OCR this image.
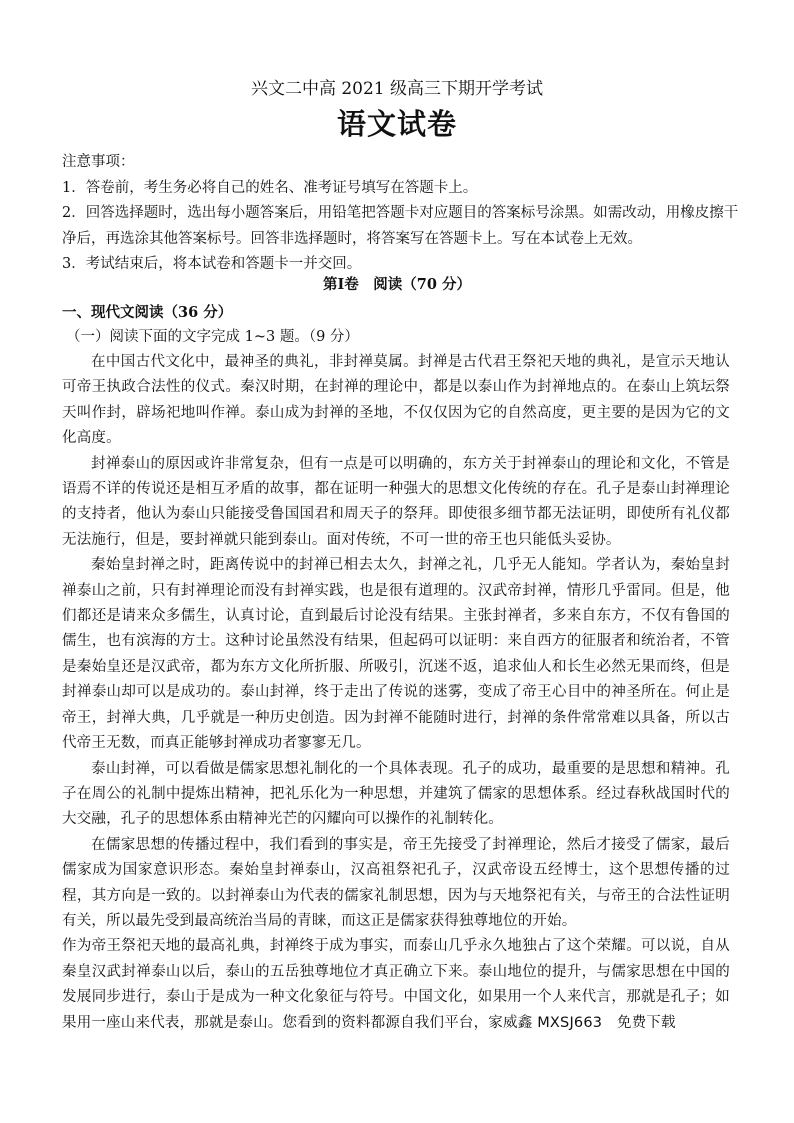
兴文二中高 2021 级高三下期开学考试
语文试卷
注意事项：
1．答卷前，考生务必将自己的姓名、准考证号填写在答题卡上。
2．回答选择题时，选出每小题答案后，用铅笔把答题卡对应题目的答案标号涂黑。如需改动，用橡皮擦干净后，再选涂其他答案标号。回答非选择题时，将答案写在答题卡上。写在本试卷上无效。
3．考试结束后，将本试卷和答题卡一并交回。
第Ⅰ卷　阅读（70 分）
一、现代文阅读（36 分）
（一）阅读下面的文字完成 1~3 题。（9 分）

在中国古代文化中，最神圣的典礼，非封禅莫属。封禅是古代君王祭祀天地的典礼，是宣示天地认可帝王执政合法性的仪式。秦汉时期，在封禅的理论中，都是以泰山作为封禅地点的。在泰山上筑坛祭天叫作封，辟场祀地叫作禅。泰山成为封禅的圣地，不仅仅因为它的自然高度，更主要的是因为它的文化高度。

封禅泰山的原因或许非常复杂，但有一点是可以明确的，东方关于封禅泰山的理论和文化，不管是语焉不详的传说还是相互矛盾的故事，都在证明一种强大的思想文化传统的存在。孔子是泰山封禅理论的支持者，他认为泰山只能接受鲁国国君和周天子的祭拜。即使很多细节都无法证明，即使所有礼仪都无法施行，但是，要封禅就只能到泰山。面对传统，不可一世的帝王也只能低头妥协。

秦始皇封禅之时，距离传说中的封禅已相去太久，封禅之礼，几乎无人能知。学者认为，秦始皇封禅泰山之前，只有封禅理论而没有封禅实践，也是很有道理的。汉武帝封禅，情形几乎雷同。但是，他们都还是请来众多儒生，认真讨论，直到最后讨论没有结果。主张封禅者，多来自东方，不仅有鲁国的儒生，也有滨海的方士。这种讨论虽然没有结果，但起码可以证明：来自西方的征服者和统治者，不管是秦始皇还是汉武帝，都为东方文化所折服、所吸引，沉迷不返，追求仙人和长生必然无果而终，但是封禅泰山却可以是成功的。泰山封禅，终于走出了传说的迷雾，变成了帝王心目中的神圣所在。何止是帝王，封禅大典，几乎就是一种历史创造。因为封禅不能随时进行，封禅的条件常常难以具备，所以古代帝王无数，而真正能够封禅成功者寥寥无几。

泰山封禅，可以看做是儒家思想礼制化的一个具体表现。孔子的成功，最重要的是思想和精神。孔子在周公的礼制中提炼出精神，把礼乐化为一种思想，并建筑了儒家的思想体系。经过春秋战国时代的大交融，孔子的思想体系由精神光芒的闪耀向可以操作的礼制转化。

在儒家思想的传播过程中，我们看到的事实是，帝王先接受了封禅理论，然后才接受了儒家，最后儒家成为国家意识形态。秦始皇封禅泰山，汉高祖祭祀孔子，汉武帝设五经博士，这个思想传播的过程，其方向是一致的。以封禅泰山为代表的儒家礼制思想，因为与天地祭祀有关，与帝王的合法性证明有关，所以最先受到最高统治当局的青睐，而这正是儒家获得独尊地位的开始。

作为帝王祭祀天地的最高礼典，封禅终于成为事实，而泰山几乎永久地独占了这个荣耀。可以说，自从秦皇汉武封禅泰山以后，泰山的五岳独尊地位才真正确立下来。泰山地位的提升，与儒家思想在中国的发展同步进行，泰山于是成为一种文化象征与符号。中国文化，如果用一个人来代言，那就是孔子；如果用一座山来代表，那就是泰山。您看到的资料都源自我们平台，家威鑫 MXSJ663　免费下载
